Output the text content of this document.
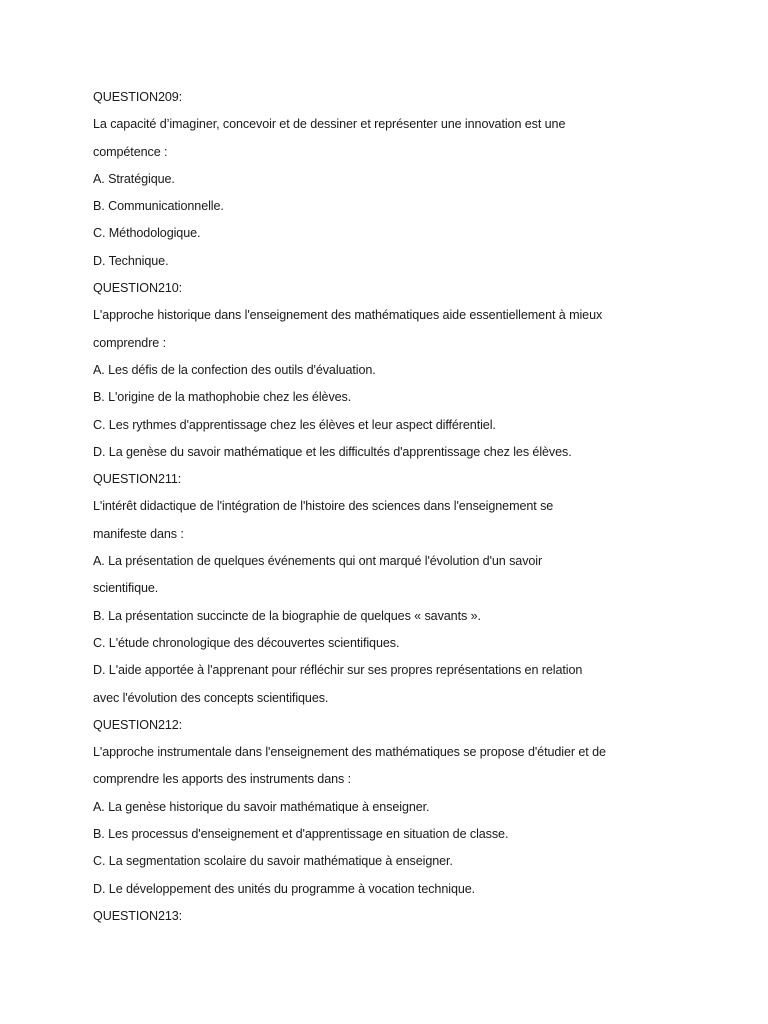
QUESTION209:
La capacité d’imaginer, concevoir et de dessiner et représenter une innovation est une
compétence :
A. Stratégique.
B. Communicationnelle.
C. Méthodologique.
D. Technique.
QUESTION210:
L'approche historique dans l'enseignement des mathématiques aide essentiellement à mieux
comprendre :
A. Les défis de la confection des outils d'évaluation.
B. L'origine de la mathophobie chez les élèves.
C. Les rythmes d'apprentissage chez les élèves et leur aspect différentiel.
D. La genèse du savoir mathématique et les difficultés d'apprentissage chez les élèves.
QUESTION211:
L'intérêt didactique de l'intégration de l'histoire des sciences dans l'enseignement se
manifeste dans :
A. La présentation de quelques événements qui ont marqué l'évolution d'un savoir
scientifique.
B. La présentation succincte de la biographie de quelques « savants ».
C. L'étude chronologique des découvertes scientifiques.
D. L'aide apportée à l'apprenant pour réfléchir sur ses propres représentations en relation
avec l'évolution des concepts scientifiques.
QUESTION212:
L'approche instrumentale dans l'enseignement des mathématiques se propose d'étudier et de
comprendre les apports des instruments dans :
A. La genèse historique du savoir mathématique à enseigner.
B. Les processus d'enseignement et d'apprentissage en situation de classe.
C. La segmentation scolaire du savoir mathématique à enseigner.
D. Le développement des unités du programme à vocation technique.
QUESTION213:
